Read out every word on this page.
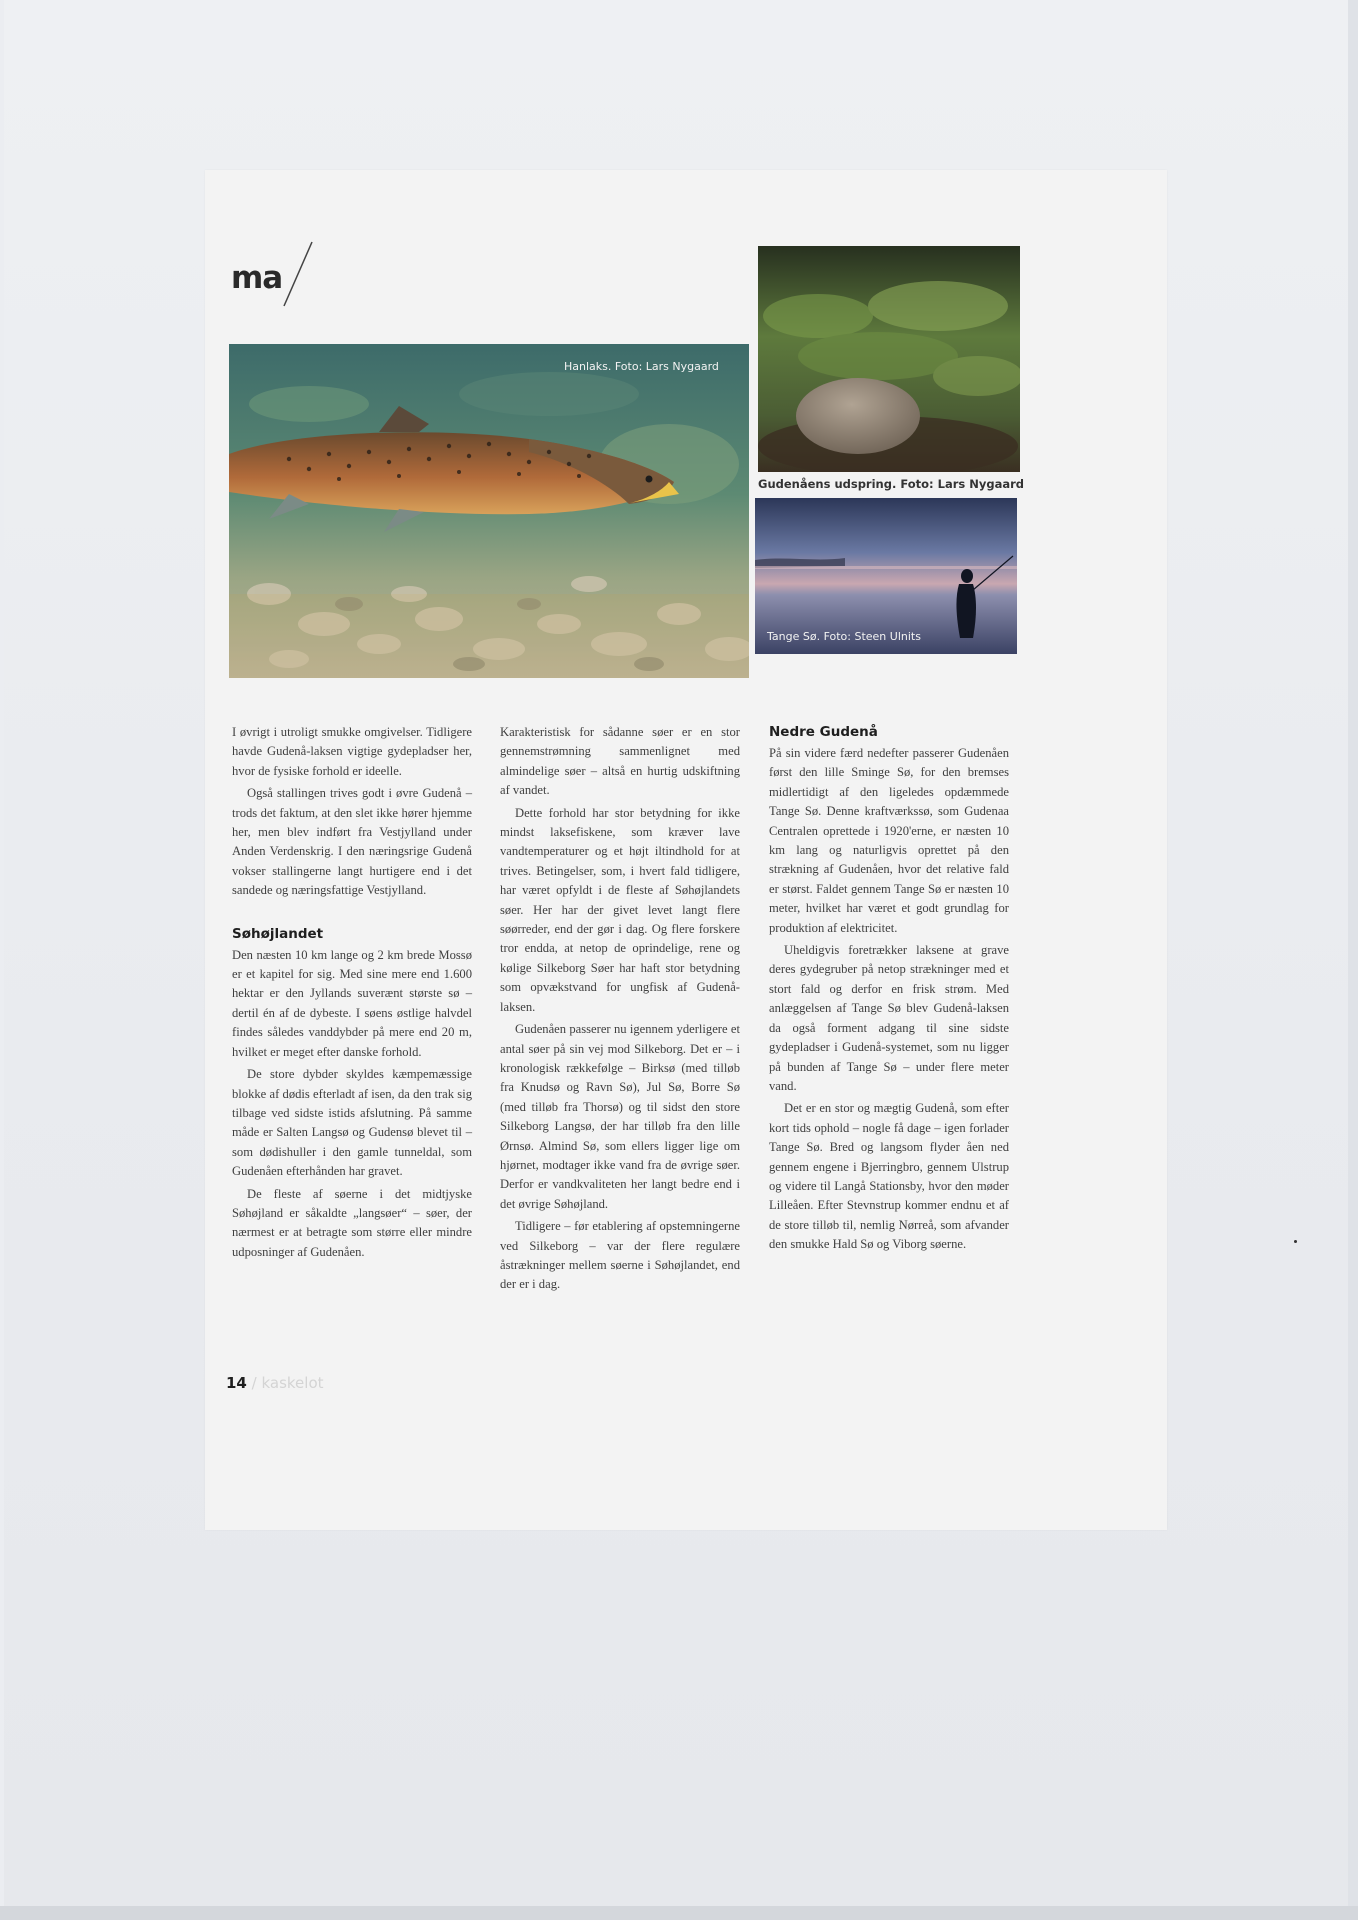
ma
Hanlaks. Foto: Lars Nygaard
Gudenåens udspring. Foto: Lars Nygaard
Tange Sø. Foto: Steen Ulnits

I øvrigt i utroligt smukke omgivelser. Tidligere havde Gudenå-laksen vigtige gydepladser her, hvor de fysiske forhold er ideelle.

Også stallingen trives godt i øvre Gudenå – trods det faktum, at den slet ikke hører hjemme her, men blev indført fra Vestjylland under Anden Verdenskrig. I den næringsrige Gudenå vokser stallingerne langt hurtigere end i det sandede og næringsfattige Vestjylland.

Søhøjlandet

Den næsten 10 km lange og 2 km brede Mossø er et kapitel for sig. Med sine mere end 1.600 hektar er den Jyllands suverænt største sø – dertil én af de dybeste. I søens østlige halvdel findes således vanddybder på mere end 20 m, hvilket er meget efter danske forhold.

De store dybder skyldes kæmpemæssige blokke af dødis efterladt af isen, da den trak sig tilbage ved sidste istids afslutning. På samme måde er Salten Langsø og Gudensø blevet til – som dødishuller i den gamle tunneldal, som Gudenåen efterhånden har gravet.

De fleste af søerne i det midtjyske Søhøjland er såkaldte „langsøer“ – søer, der nærmest er at betragte som større eller mindre udposninger af Gudenåen.

Karakteristisk for sådanne søer er en stor gennemstrømning sammenlignet med almindelige søer – altså en hurtig udskiftning af vandet.

Dette forhold har stor betydning for ikke mindst laksefiskene, som kræver lave vandtemperaturer og et højt iltindhold for at trives. Betingelser, som, i hvert fald tidligere, har været opfyldt i de fleste af Søhøjlandets søer. Her har der givet levet langt flere søørreder, end der gør i dag. Og flere forskere tror endda, at netop de oprindelige, rene og kølige Silkeborg Søer har haft stor betydning som opvækstvand for ungfisk af Gudenå-laksen.

Gudenåen passerer nu igennem yderligere et antal søer på sin vej mod Silkeborg. Det er – i kronologisk rækkefølge – Birksø (med tilløb fra Knudsø og Ravn Sø), Jul Sø, Borre Sø (med tilløb fra Thorsø) og til sidst den store Silkeborg Langsø, der har tilløb fra den lille Ørnsø. Almind Sø, som ellers ligger lige om hjørnet, modtager ikke vand fra de øvrige søer. Derfor er vandkvaliteten her langt bedre end i det øvrige Søhøjland.

Tidligere – før etablering af opstemningerne ved Silkeborg – var der flere regulære åstrækninger mellem søerne i Søhøjlandet, end der er i dag.

Nedre Gudenå

På sin videre færd nedefter passerer Gudenåen først den lille Sminge Sø, for den bremses midlertidigt af den ligeledes opdæmmede Tange Sø. Denne kraftværkssø, som Gudenaa Centralen oprettede i 1920'erne, er næsten 10 km lang og naturligvis oprettet på den strækning af Gudenåen, hvor det relative fald er størst. Faldet gennem Tange Sø er næsten 10 meter, hvilket har været et godt grundlag for produktion af elektricitet.

Uheldigvis foretrækker laksene at grave deres gydegruber på netop strækninger med et stort fald og derfor en frisk strøm. Med anlæggelsen af Tange Sø blev Gudenå-laksen da også forment adgang til sine sidste gydepladser i Gudenå-systemet, som nu ligger på bunden af Tange Sø – under flere meter vand.

Det er en stor og mægtig Gudenå, som efter kort tids ophold – nogle få dage – igen forlader Tange Sø. Bred og langsom flyder åen ned gennem engene i Bjerringbro, gennem Ulstrup og videre til Langå Stationsby, hvor den møder Lilleåen. Efter Stevnstrup kommer endnu et af de store tilløb til, nemlig Nørreå, som afvander den smukke Hald Sø og Viborg søerne.

14 / kaskelot
